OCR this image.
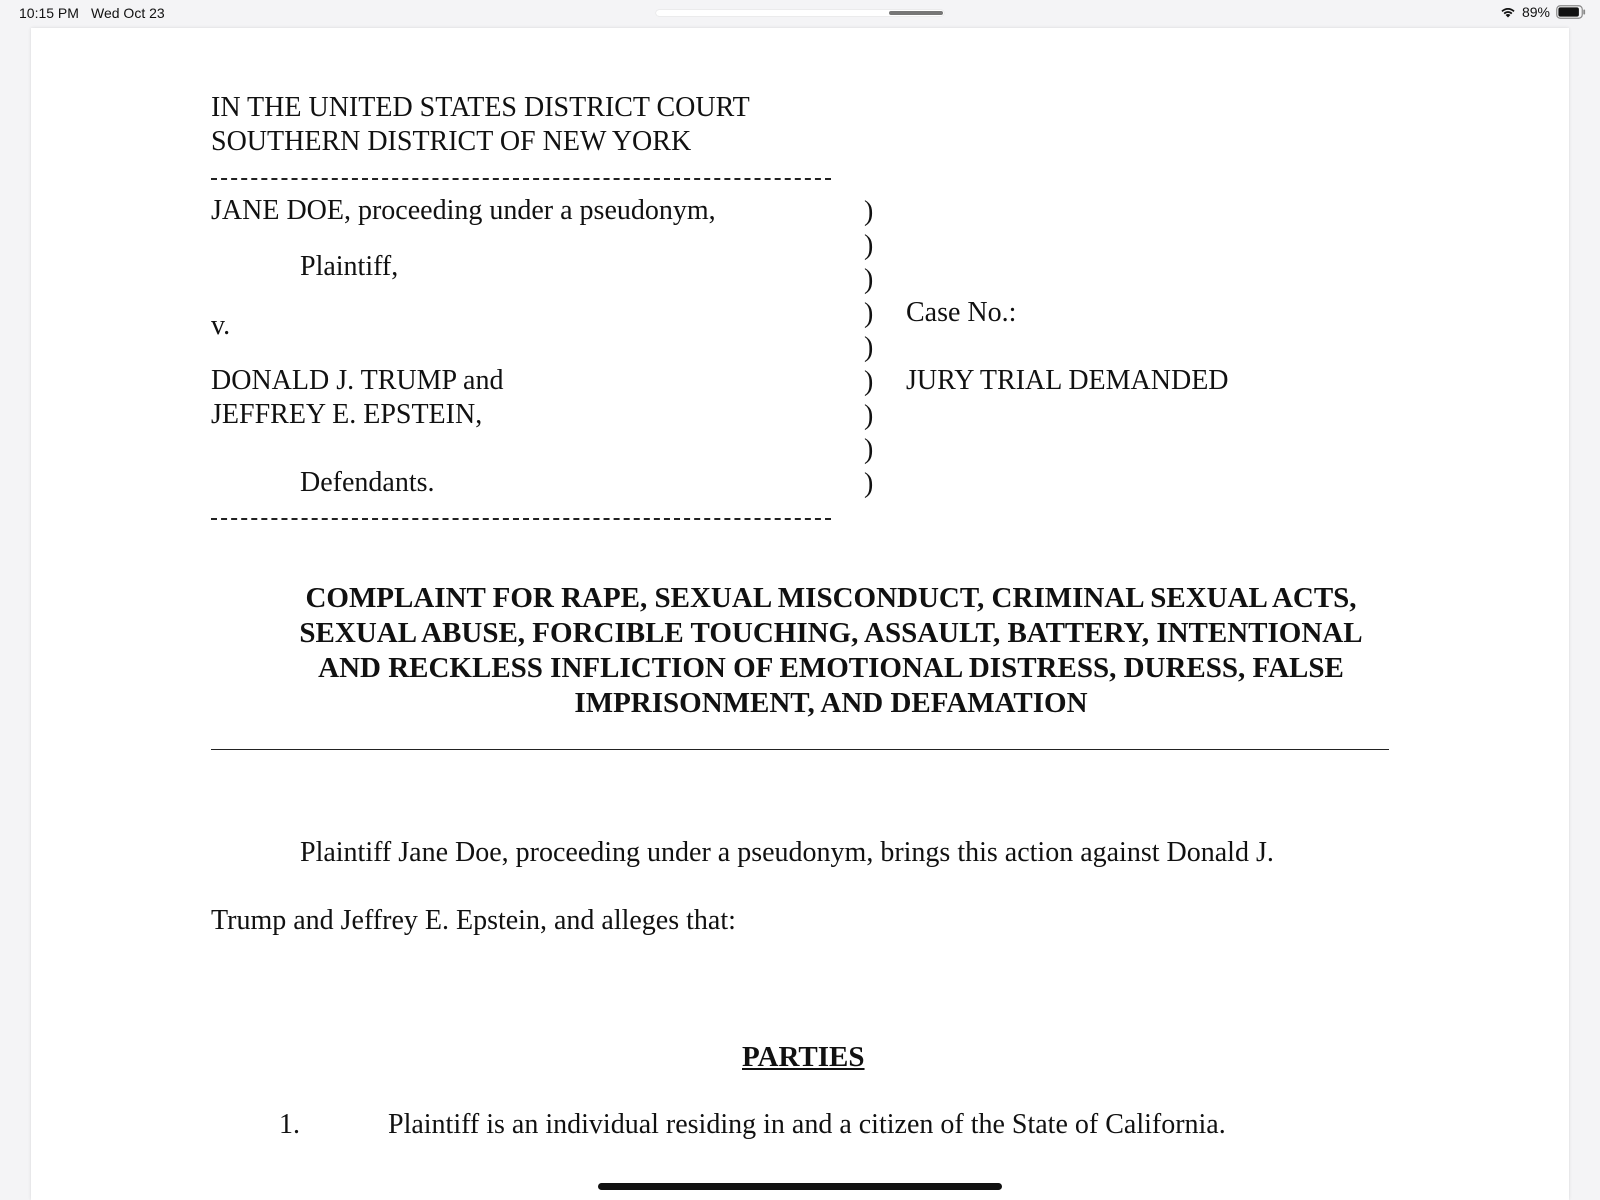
10:15 PM Wed Oct 23	89%
IN THE UNITED STATES DISTRICT COURT
SOUTHERN DISTRICT OF NEW YORK
JANE DOE, proceeding under a pseudonym,
Plaintiff,
v.
DONALD J. TRUMP and
JEFFREY E. EPSTEIN,
Defendants.
)
)
)
)
)
)
)
)
)
Case No.:
JURY TRIAL DEMANDED
COMPLAINT FOR RAPE, SEXUAL MISCONDUCT, CRIMINAL SEXUAL ACTS,
SEXUAL ABUSE, FORCIBLE TOUCHING, ASSAULT, BATTERY, INTENTIONAL
AND RECKLESS INFLICTION OF EMOTIONAL DISTRESS, DURESS, FALSE
IMPRISONMENT, AND DEFAMATION
Plaintiff Jane Doe, proceeding under a pseudonym, brings this action against Donald J.
Trump and Jeffrey E. Epstein, and alleges that:
PARTIES
1.	Plaintiff is an individual residing in and a citizen of the State of California.
